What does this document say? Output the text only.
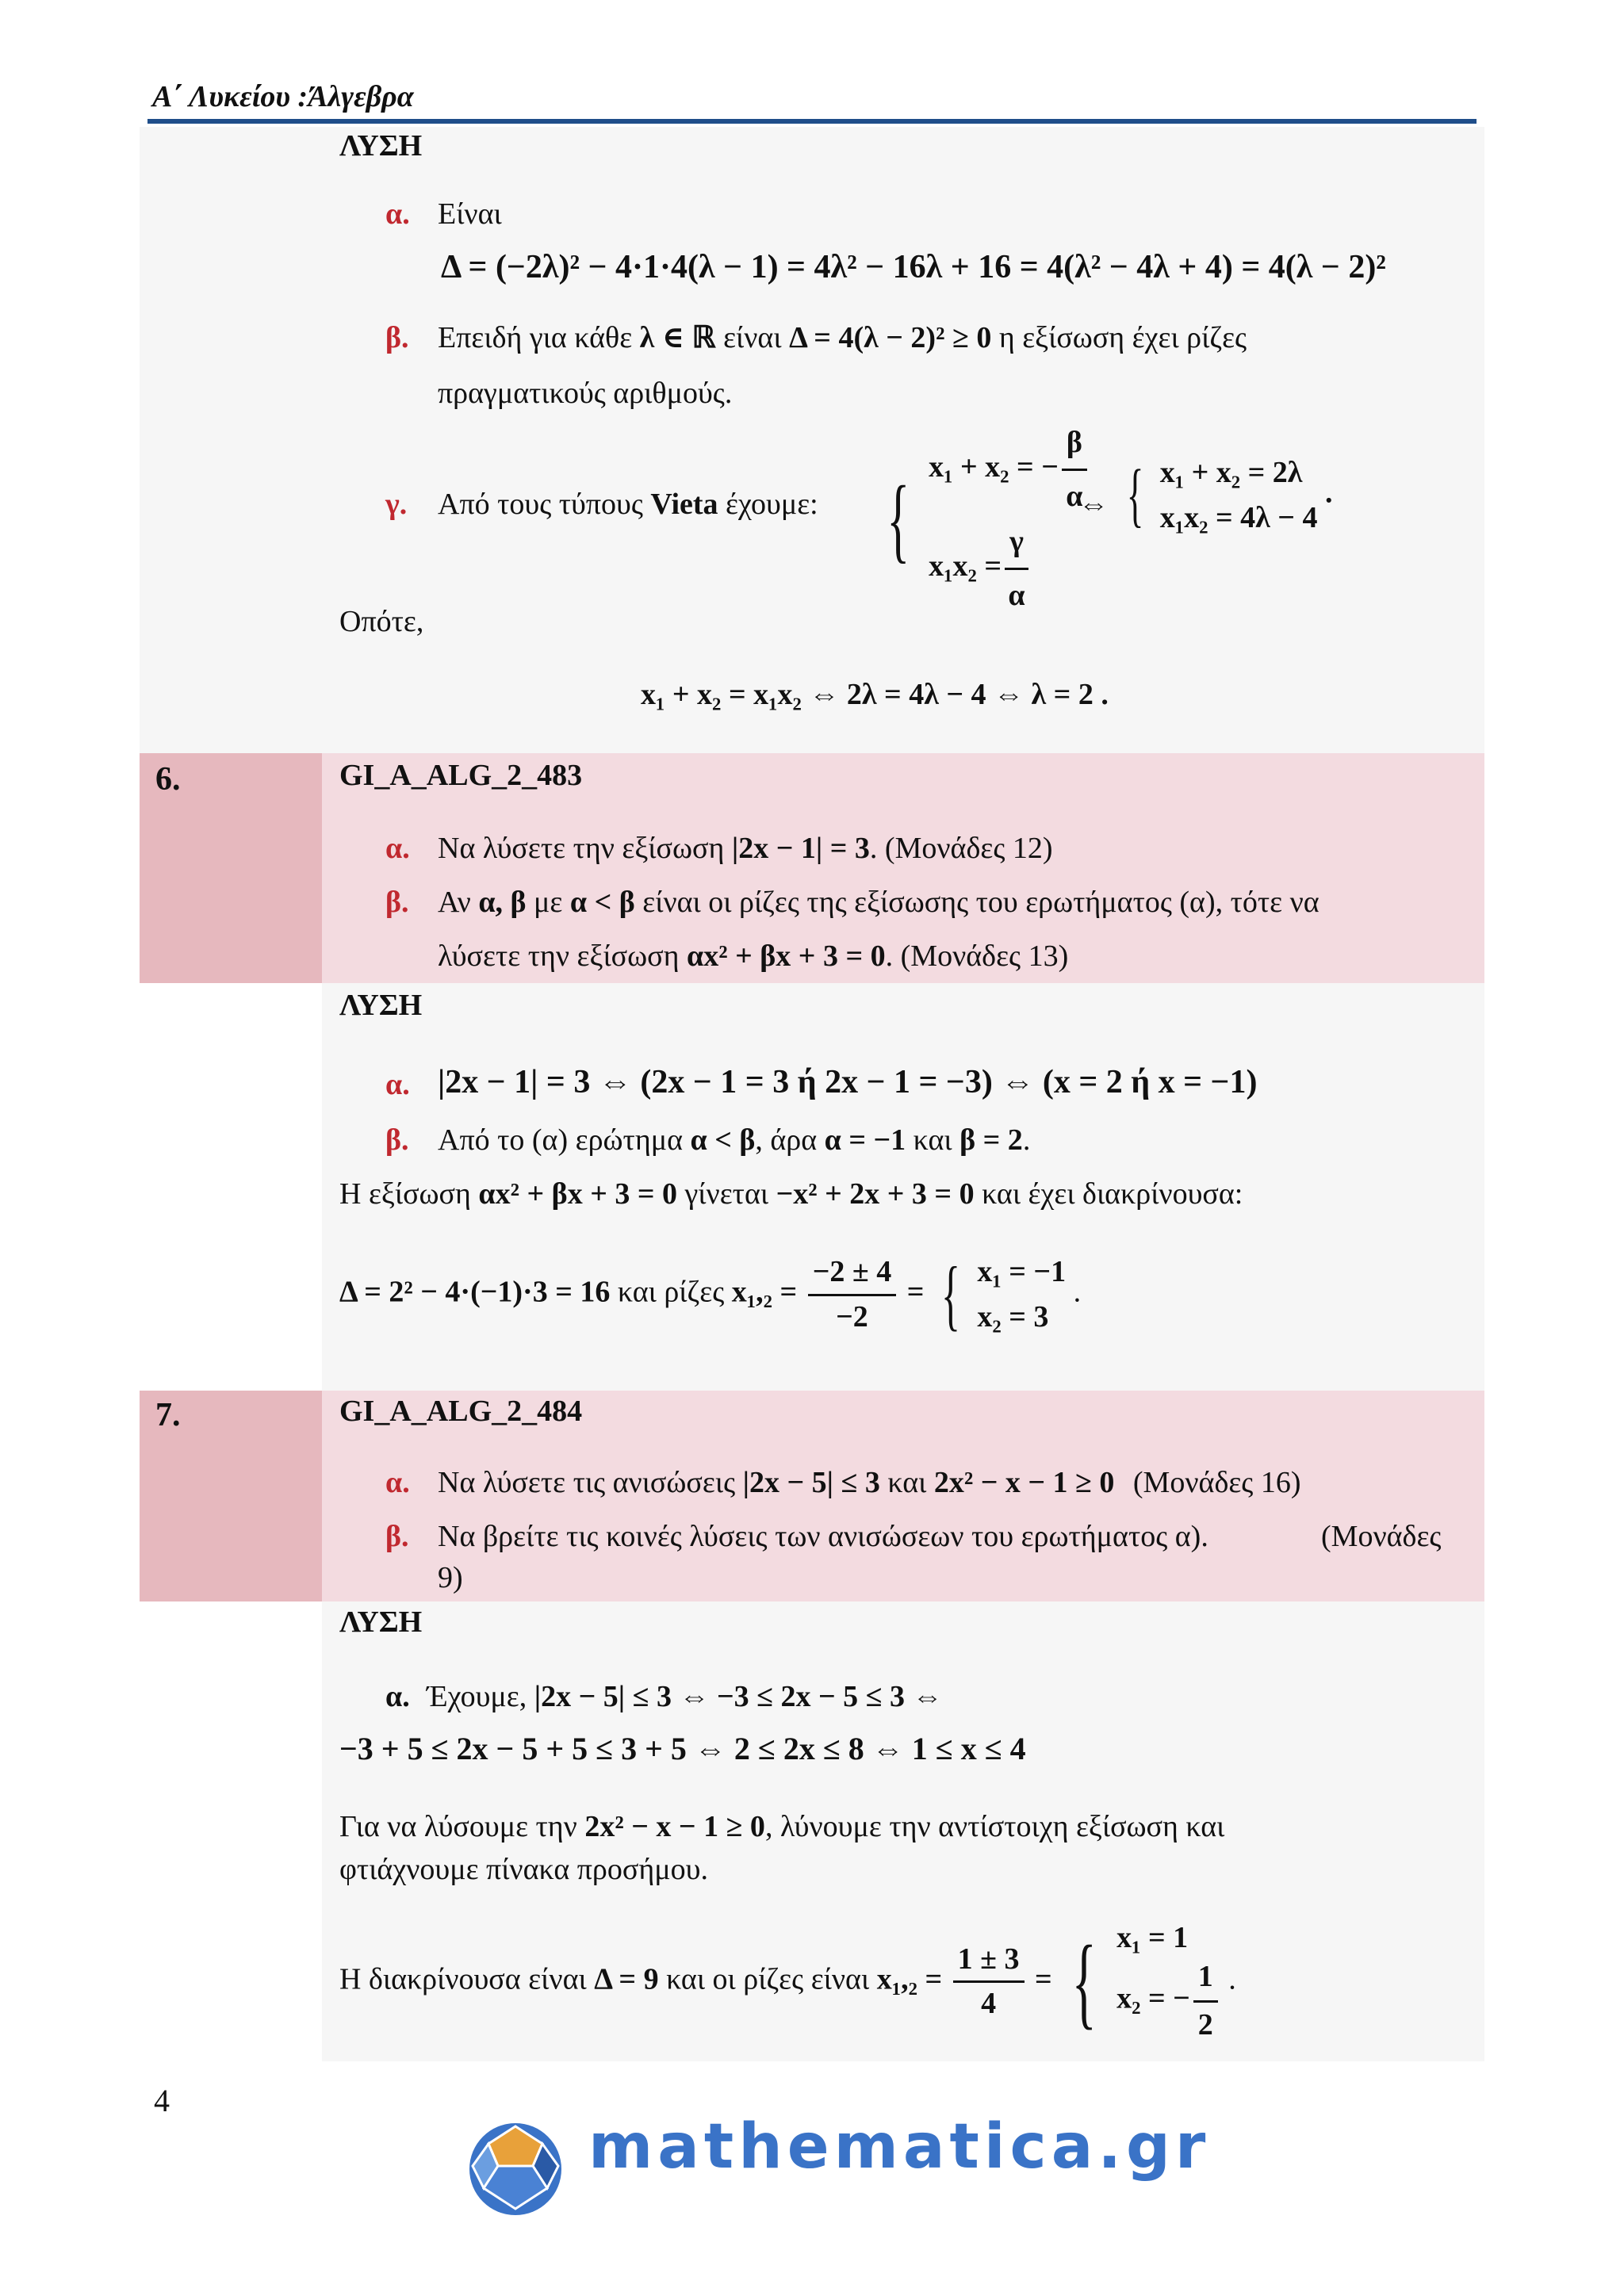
Α΄ Λυκείου :Άλγεβρα
ΛΥΣΗ
α. Είναι
Δ = (−2λ)² − 4·1·4(λ − 1) = 4λ² − 16λ + 16 = 4(λ² − 4λ + 4) = 4(λ − 2)²
β. Επειδή για κάθε λ ∈ ℝ είναι Δ = 4(λ − 2)² ≥ 0 η εξίσωση έχει ρίζες
πραγματικούς αριθμούς.
γ. Από τους τύπους Vieta έχουμε: { x₁ + x₂ = − $\frac{\beta}{\alpha}$
$x_1x_2 = \frac{\gamma}{\alpha}$
⇔ { x₁ + x₂ = 2λ
x₁x₂ = 4λ − 4
.
Οπότε,
x₁ + x₂ = x₁x₂ ⇔ 2λ = 4λ − 4 ⇔ λ = 2 .
6.	GI_A_ALG_2_483
α. Να λύσετε την εξίσωση |2x − 1| = 3. (Μονάδες 12)
β. Αν α, β με α < β είναι οι ρίζες της εξίσωσης του ερωτήματος (α), τότε να
λύσετε την εξίσωση αx² + βx + 3 = 0. (Μονάδες 13)
ΛΥΣΗ
α. |2x − 1| = 3 ⇔ (2x − 1 = 3 ή 2x − 1 = −3) ⇔ (x = 2 ή x = −1)
β. Από το (α) ερώτημα α < β, άρα α = −1 και β = 2.
Η εξίσωση αx² + βx + 3 = 0 γίνεται −x² + 2x + 3 = 0 και έχει διακρίνουσα:
Δ = 2² − 4·(−1)·3 = 16 και ρίζες $x_1,_2 = \frac{-2 \pm 4}{-2}$ = { x₁ = −1
x₂ = 3
.
7.	GI_A_ALG_2_484
α. Να λύσετε τις ανισώσεις |2x − 5| ≤ 3 και 2x² − x − 1 ≥ 0 (Μονάδες 16)
β. Να βρείτε τις κοινές λύσεις των ανισώσεων του ερωτήματος α).	(Μονάδες
9)
ΛΥΣΗ
α. Έχουμε, |2x − 5| ≤ 3 ⇔ −3 ≤ 2x − 5 ≤ 3 ⇔
−3 + 5 ≤ 2x − 5 + 5 ≤ 3 + 5 ⇔ 2 ≤ 2x ≤ 8 ⇔ 1 ≤ x ≤ 4
Για να λύσουμε την 2x² − x − 1 ≥ 0, λύνουμε την αντίστοιχη εξίσωση και
φτιάχνουμε πίνακα προσήμου.
Η διακρίνουσα είναι Δ = 9 και οι ρίζες είναι $x_1,_2 = \frac{1 \pm 3}{4}$ = { x₁ = 1
x₂ = − $\frac{1}{2}$ .
4
mathematica.gr
